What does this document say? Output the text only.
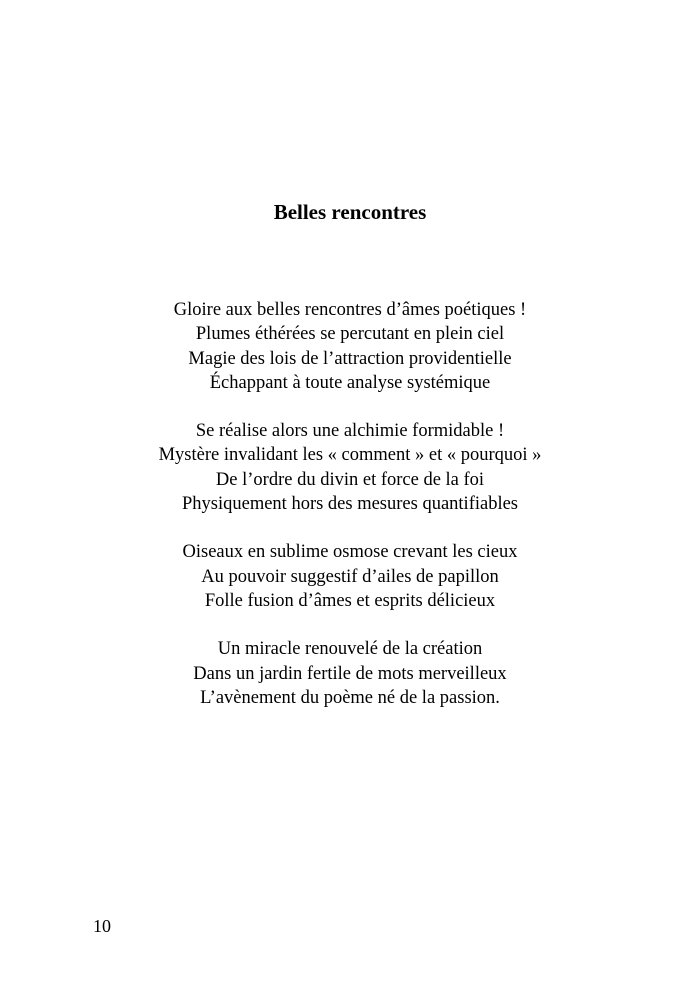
Belles rencontres
Gloire aux belles rencontres d’âmes poétiques !
Plumes éthérées se percutant en plein ciel
Magie des lois de l’attraction providentielle
Échappant à toute analyse systémique
Se réalise alors une alchimie formidable !
Mystère invalidant les « comment » et « pourquoi »
De l’ordre du divin et force de la foi
Physiquement hors des mesures quantifiables
Oiseaux en sublime osmose crevant les cieux
Au pouvoir suggestif d’ailes de papillon
Folle fusion d’âmes et esprits délicieux
Un miracle renouvelé de la création
Dans un jardin fertile de mots merveilleux
L’avènement du poème né de la passion.
10
